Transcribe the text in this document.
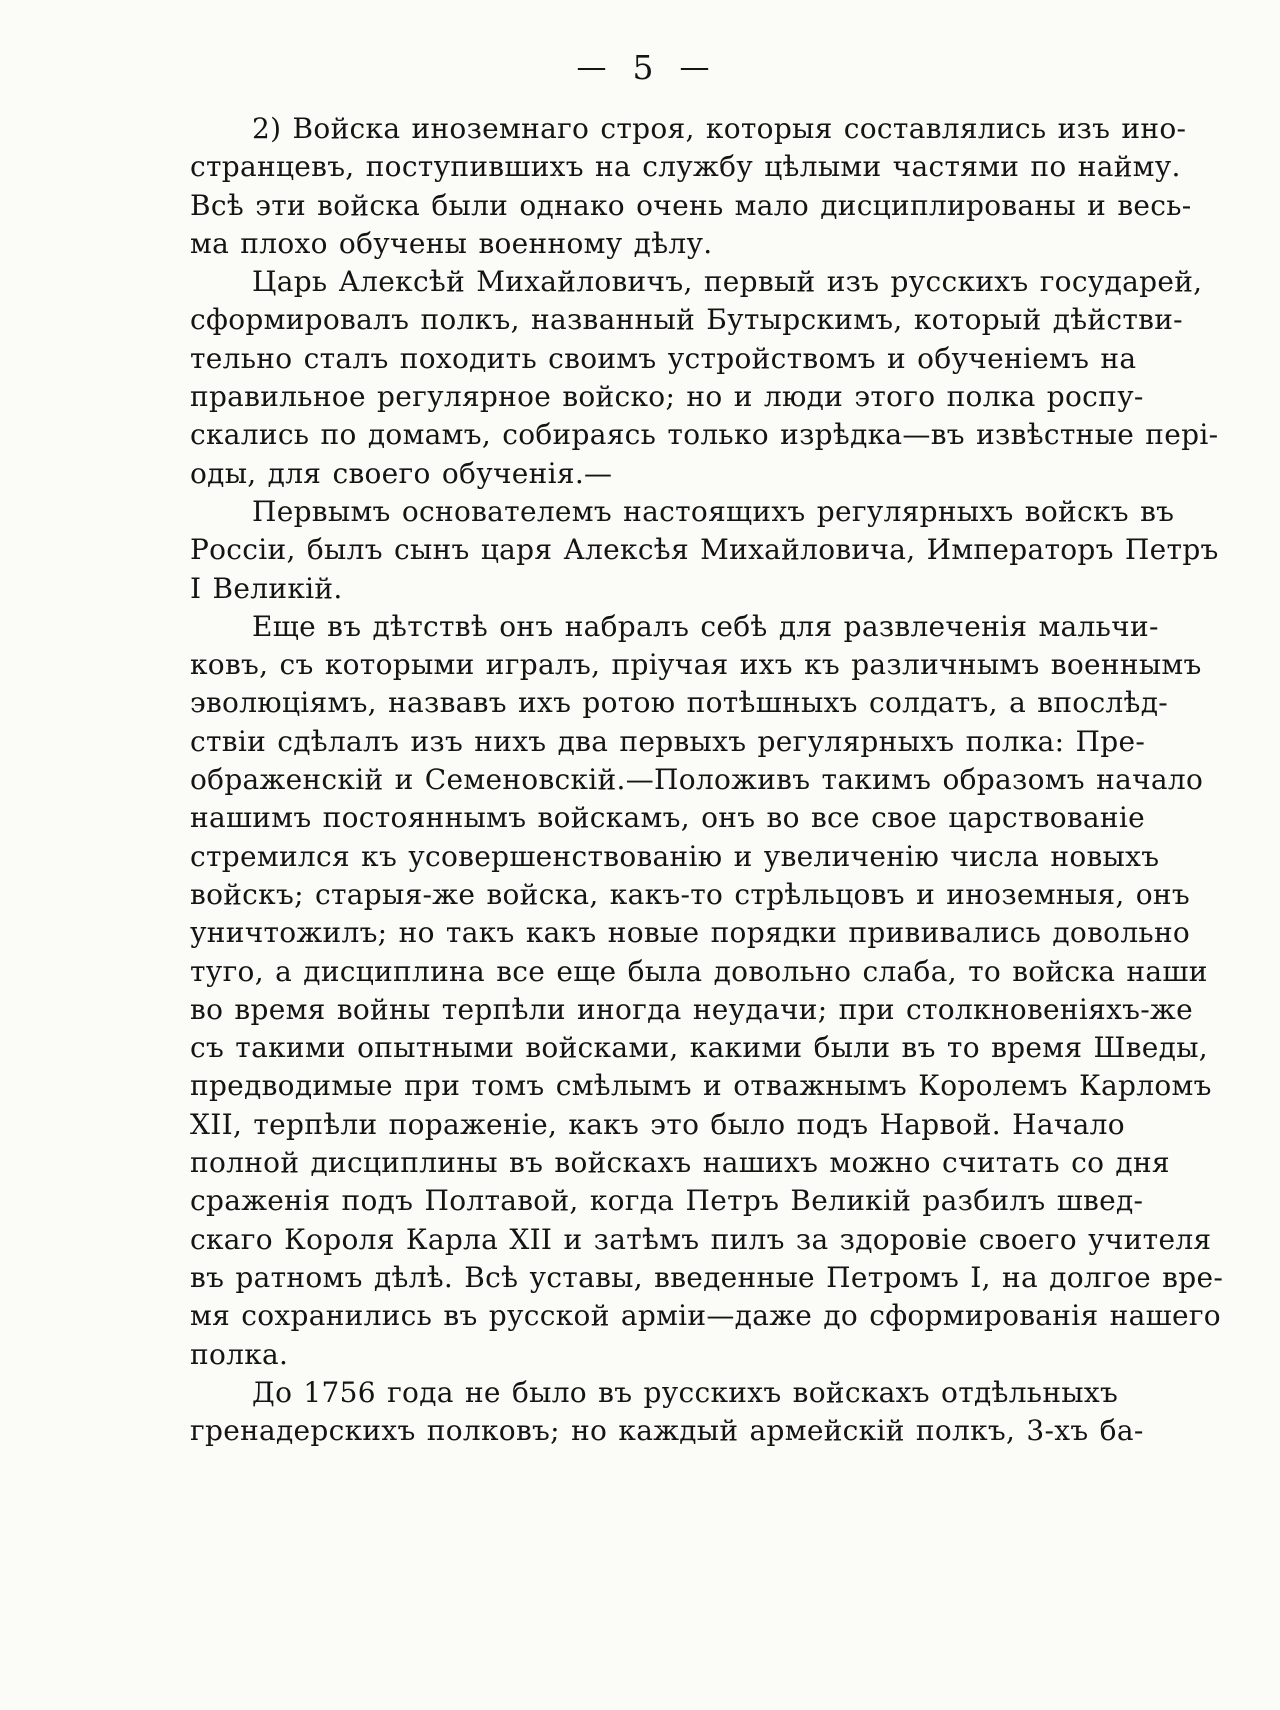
— 5 —
2) Войска иноземнаго строя, которыя составлялись изъ ино-
странцевъ, поступившихъ на службу цѣлыми частями по найму.
Всѣ эти войска были однако очень мало дисциплированы и весь-
ма плохо обучены военному дѣлу.
Царь Алексѣй Михайловичъ, первый изъ русскихъ государей,
сформировалъ полкъ, названный Бутырскимъ, который дѣйстви-
тельно сталъ походить своимъ устройствомъ и обученіемъ на
правильное регулярное войско; но и люди этого полка роспу-
скались по домамъ, собираясь только изрѣдка—въ извѣстные пері-
оды, для своего обученія.—
Первымъ основателемъ настоящихъ регулярныхъ войскъ въ
Россіи, былъ сынъ царя Алексѣя Михайловича, Императоръ Петръ
I Великій.
Еще въ дѣтствѣ онъ набралъ себѣ для развлеченія мальчи-
ковъ, съ которыми игралъ, пріучая ихъ къ различнымъ военнымъ
эволюціямъ, назвавъ ихъ ротою потѣшныхъ солдатъ, а впослѣд-
ствіи сдѣлалъ изъ нихъ два первыхъ регулярныхъ полка: Пре-
ображенскій и Семеновскій.—Положивъ такимъ образомъ начало
нашимъ постояннымъ войскамъ, онъ во все свое царствованіе
стремился къ усовершенствованію и увеличенію числа новыхъ
войскъ; старыя-же войска, какъ-то стрѣльцовъ и иноземныя, онъ
уничтожилъ; но такъ какъ новые порядки прививались довольно
туго, а дисциплина все еще была довольно слаба, то войска наши
во время войны терпѣли иногда неудачи; при столкновеніяхъ-же
съ такими опытными войсками, какими были въ то время Шведы,
предводимые при томъ смѣлымъ и отважнымъ Королемъ Карломъ
XII, терпѣли пораженіе, какъ это было подъ Нарвой. Начало
полной дисциплины въ войскахъ нашихъ можно считать со дня
сраженія подъ Полтавой, когда Петръ Великій разбилъ швед-
скаго Короля Карла XII и затѣмъ пилъ за здоровіе своего учителя
въ ратномъ дѣлѣ. Всѣ уставы, введенные Петромъ I, на долгое вре-
мя сохранились въ русской арміи—даже до сформированія нашего
полка.
До 1756 года не было въ русскихъ войскахъ отдѣльныхъ
гренадерскихъ полковъ; но каждый армейскій полкъ, 3-хъ ба-
